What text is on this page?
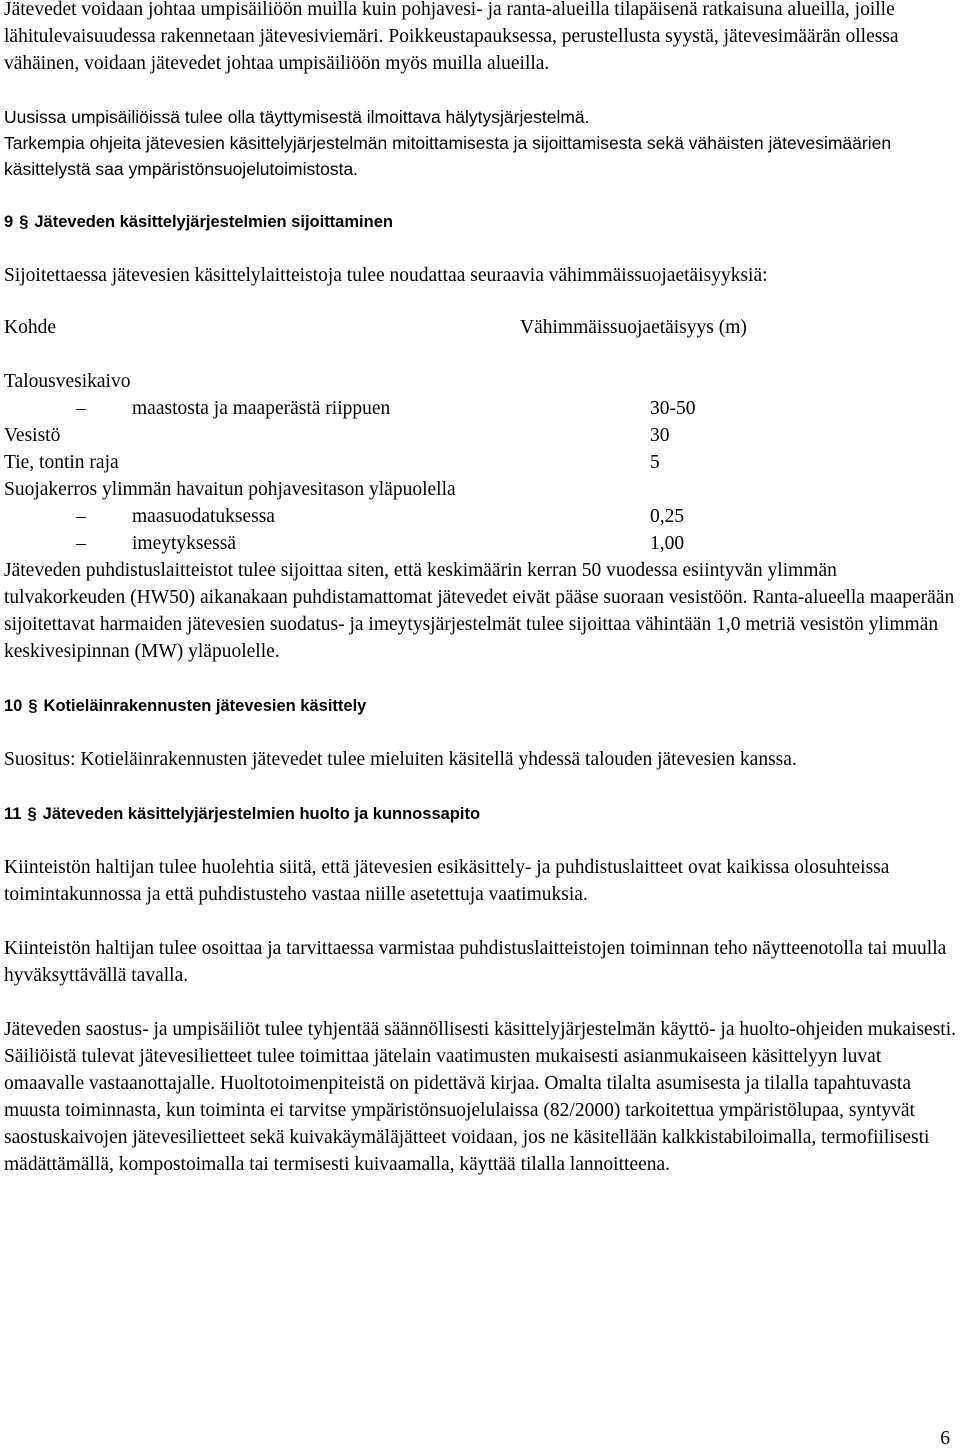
Jätevedet voidaan johtaa umpisäiliöön muilla kuin pohjavesi- ja ranta-alueilla tilapäisenä ratkaisuna alueilla, joille lähitulevaisuudessa rakennetaan jätevesiviemäri. Poikkeustapauksessa, perustellusta syystä, jätevesimäärän ollessa vähäinen, voidaan jätevedet johtaa umpisäiliöön myös muilla alueilla.

Uusissa umpisäiliöissä tulee olla täyttymisestä ilmoittava hälytysjärjestelmä.

Tarkempia ohjeita jätevesien käsittelyjärjestelmän mitoittamisesta ja sijoittamisesta sekä vähäisten jätevesimäärien käsittelystä saa ympäristönsuojelutoimistosta.

9 § Jäteveden käsittelyjärjestelmien sijoittaminen

Sijoitettaessa jätevesien käsittelylaitteistoja tulee noudattaa seuraavia vähimmäissuojaetäisyyksiä:

Kohde	Vähimmäissuojaetäisyys (m)
Talousvesikaivo
– maastosta ja maaperästä riippuen	30-50
Vesistö	30
Tie, tontin raja	5
Suojakerros ylimmän havaitun pohjavesitason yläpuolella
– maasuodatuksessa	0,25
– imeytyksessä	1,00

Jäteveden puhdistuslaitteistot tulee sijoittaa siten, että keskimäärin kerran 50 vuodessa esiintyvän ylimmän tulvakorkeuden (HW50) aikanakaan puhdistamattomat jätevedet eivät pääse suoraan vesistöön. Ranta-alueella maaperään sijoitettavat harmaiden jätevesien suodatus- ja imeytysjärjestelmät tulee sijoittaa vähintään 1,0 metriä vesistön ylimmän keskivesipinnan (MW) yläpuolelle.

10 § Kotieläinrakennusten jätevesien käsittely

Suositus: Kotieläinrakennusten jätevedet tulee mieluiten käsitellä yhdessä talouden jätevesien kanssa.

11 § Jäteveden käsittelyjärjestelmien huolto ja kunnossapito

Kiinteistön haltijan tulee huolehtia siitä, että jätevesien esikäsittely- ja puhdistuslaitteet ovat kaikissa olosuhteissa toimintakunnossa ja että puhdistusteho vastaa niille asetettuja vaatimuksia.

Kiinteistön haltijan tulee osoittaa ja tarvittaessa varmistaa puhdistuslaitteistojen toiminnan teho näytteenotolla tai muulla hyväksyttävällä tavalla.

Jäteveden saostus- ja umpisäiliöt tulee tyhjentää säännöllisesti käsittelyjärjestelmän käyttö- ja huolto-ohjeiden mukaisesti. Säiliöistä tulevat jätevesilietteet tulee toimittaa jätelain vaatimusten mukaisesti asianmukaiseen käsittelyyn luvat omaavalle vastaanottajalle. Huoltotoimenpiteistä on pidettävä kirjaa. Omalta tilalta asumisesta ja tilalla tapahtuvasta muusta toiminnasta, kun toiminta ei tarvitse ympäristönsuojelulaissa (82/2000) tarkoitettua ympäristölupaa, syntyvät saostuskaivojen jätevesilietteet sekä kuivakäymäläjätteet voidaan, jos ne käsitellään kalkkistabiloimalla, termofiilisesti mädättämällä, kompostoimalla tai termisesti kuivaamalla, käyttää tilalla lannoitteena.

6
